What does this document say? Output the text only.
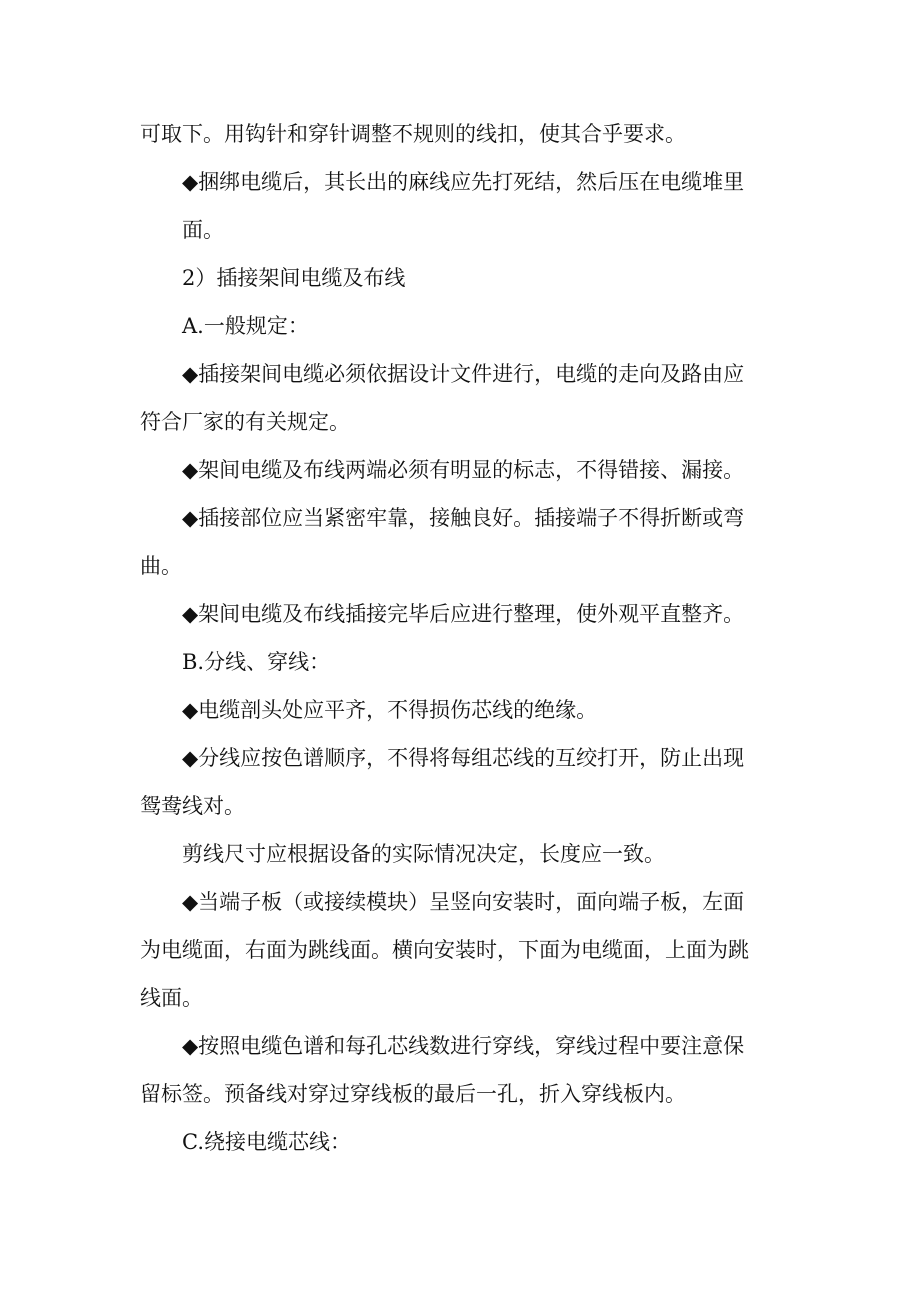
可取下。用钩针和穿针调整不规则的线扣，使其合乎要求。

◆捆绑电缆后，其长出的麻线应先打死结，然后压在电缆堆里

面。

2）插接架间电缆及布线

A.一般规定：

◆插接架间电缆必须依据设计文件进行，电缆的走向及路由应

符合厂家的有关规定。

◆架间电缆及布线两端必须有明显的标志，不得错接、漏接。

◆插接部位应当紧密牢靠，接触良好。插接端子不得折断或弯

曲。

◆架间电缆及布线插接完毕后应进行整理，使外观平直整齐。

B.分线、穿线：

◆电缆剖头处应平齐，不得损伤芯线的绝缘。

◆分线应按色谱顺序，不得将每组芯线的互绞打开，防止出现

鸳鸯线对。

剪线尺寸应根据设备的实际情况决定，长度应一致。

◆当端子板（或接续模块）呈竖向安装时，面向端子板，左面

为电缆面，右面为跳线面。横向安装时，下面为电缆面，上面为跳

线面。

◆按照电缆色谱和每孔芯线数进行穿线，穿线过程中要注意保

留标签。预备线对穿过穿线板的最后一孔，折入穿线板内。

C.绕接电缆芯线：
